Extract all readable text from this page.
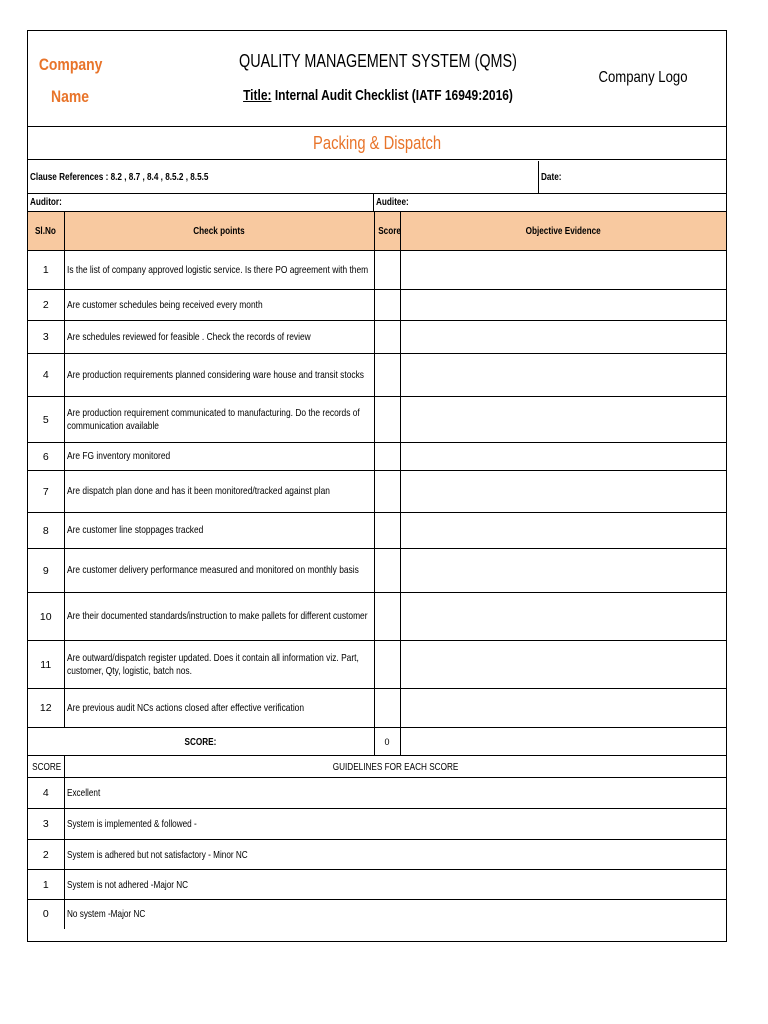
Company
Name
QUALITY MANAGEMENT SYSTEM (QMS)
Title: Internal Audit Checklist (IATF 16949:2016)
Company Logo
Packing & Dispatch
Clause References : 8.2 , 8.7 , 8.4 , 8.5.2 , 8.5.5	Date:
Auditor:	Auditee:
Sl.No	Check points	Score	Objective Evidence
1	Is the list of company approved logistic service. Is there PO agreement with them		
2	Are customer schedules being received every month		
3	Are schedules reviewed for feasible . Check the records of review		
4	Are production requirements planned considering ware house and transit stocks		
5	Are production requirement communicated to manufacturing. Do the records of communication available		
6	Are FG inventory monitored		
7	Are dispatch plan done and has it been monitored/tracked against plan		
8	Are customer line stoppages tracked		
9	Are customer delivery performance measured and monitored on monthly basis		
10	Are their documented standards/instruction to make pallets for different customer		
11	Are outward/dispatch register updated. Does it contain all information viz. Part, customer, Qty, logistic, batch nos.		
12	Are previous audit NCs actions closed after effective verification		
SCORE:		0	
SCORE	GUIDELINES FOR EACH SCORE		
4	Excellent		
3	System is implemented & followed -		
2	System is adhered but not satisfactory - Minor NC		
1	System is not adhered -Major NC		
0	No system -Major NC		
